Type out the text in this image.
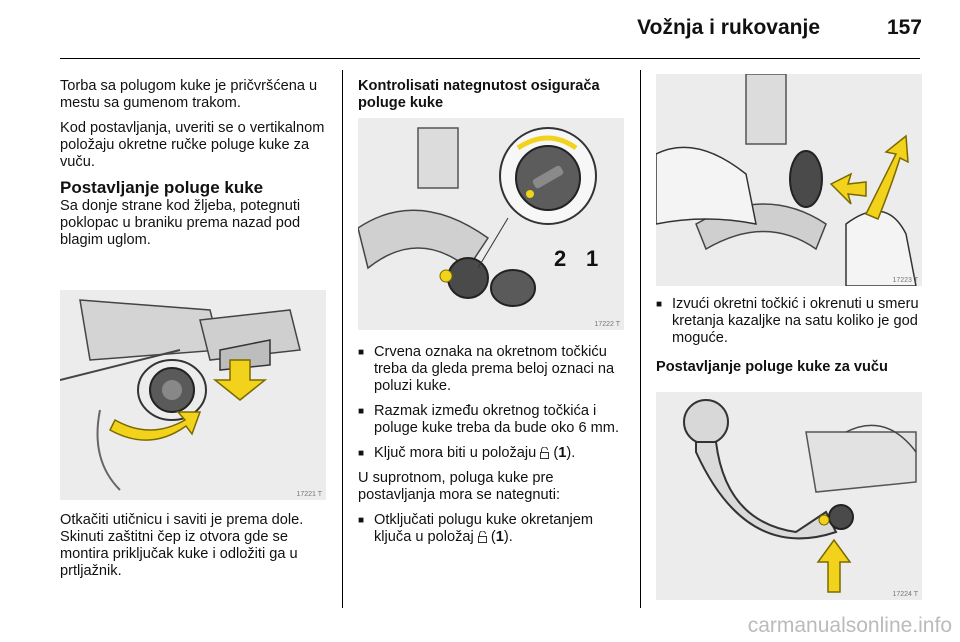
Vožnja i rukovanje	157

Torba sa polugom kuke je pričvršćena u mestu sa gumenom trakom.

Kod postavljanja, uveriti se o vertikalnom položaju okretne ručke poluge kuke za vuču.

Postavljanje poluge kuke

Sa donje strane kod žljeba, potegnuti poklopac u braniku prema nazad pod blagim uglom.

17221 T

Otkačiti utičnicu i saviti je prema dole. Skinuti zaštitni čep iz otvora gde se montira priključak kuke i odložiti ga u prtljažnik.

Kontrolisati nategnutost osigurača poluge kuke
2 1
17222 T
■ Crvena oznaka na okretnom točkiću treba da gleda prema beloj oznaci na poluzi kuke.
■ Razmak između okretnog točkića i poluge kuke treba da bude oko 6 mm.
■ Ključ mora biti u položaju  (1).

U suprotnom, poluga kuke pre postavljanja mora se nategnuti:

■ Otključati polugu kuke okretanjem ključa u položaj  (1).
17223 T
■ Izvući okretni točkić i okrenuti u smeru kretanja kazaljke na satu koliko je god moguće.
Postavljanje poluge kuke za vuču
17224 T
carmanualsonline.info
